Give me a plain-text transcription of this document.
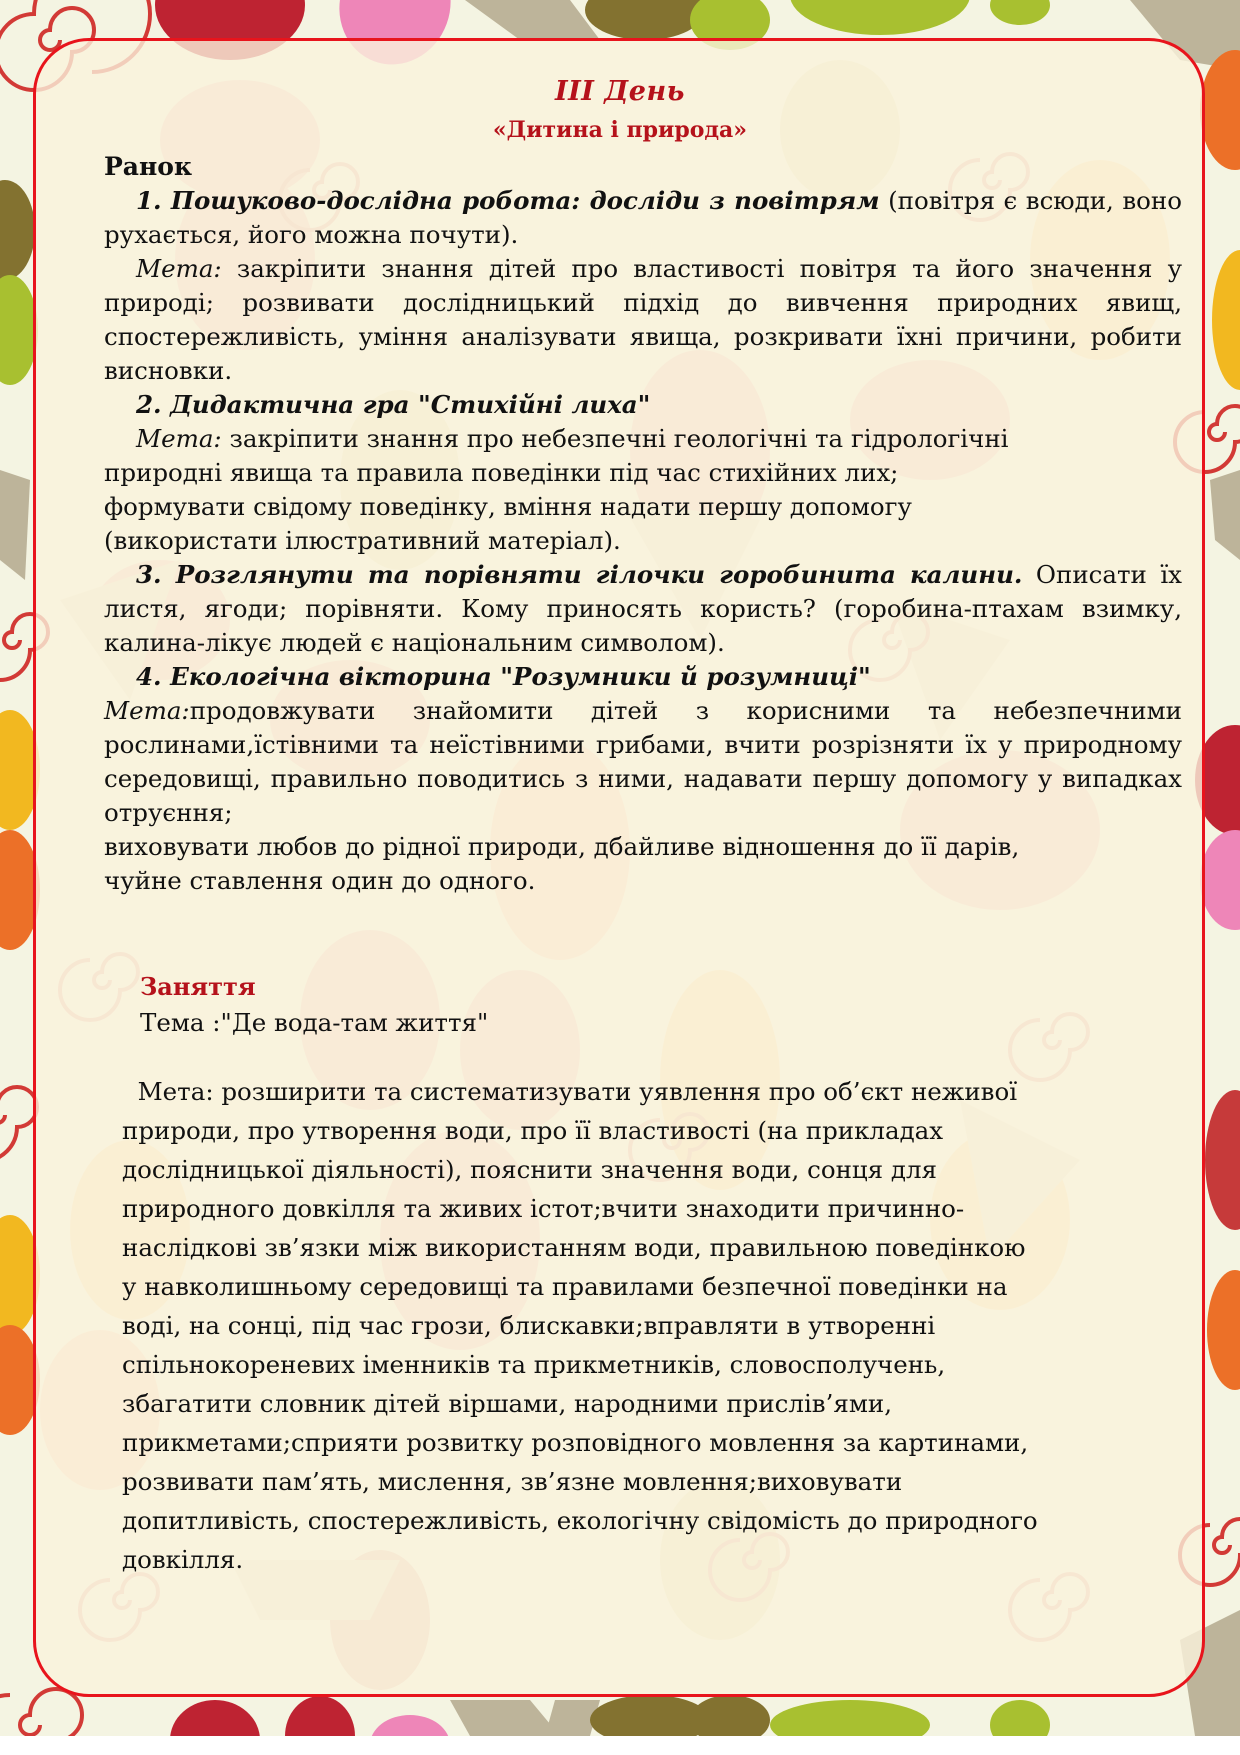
III День
«Дитина і природа»

Ранок

1. Пошуково-дослідна робота: досліди з повітрям (повітря є всюди, воно рухається, його можна почути).

Мета: закріпити знання дітей про властивості повітря та його значення у природі; розвивати дослідницький підхід до вивчення природних явищ, спостережливість, уміння аналізувати явища, розкривати їхні причини, робити висновки.

2. Дидактична гра "Стихійні лиха"

Мета: закріпити знання про небезпечні геологічні та гідрологічні
природні явища та правила поведінки під час стихійних лих;
формувати свідому поведінку, вміння надати першу допомогу
(використати ілюстративний матеріал).

3. Розглянути та порівняти гілочки горобинита калини. Описати їх листя, ягоди; порівняти. Кому приносять користь? (горобина-птахам взимку, калина-лікує людей є національним символом).

4. Екологічна вікторина "Розумники й розумниці"

Мета:продовжувати знайомити дітей з корисними та небезпечними рослинами,їстівними та неїстівними грибами, вчити розрізняти їх у природному середовищі, правильно поводитись з ними, надавати першу допомогу у випадках отруєння;

виховувати любов до рідної природи, дбайливе відношення до її дарів,
чуйне ставлення один до одного.

Заняття
Тема :"Де вода-там життя"
Мета: розширити та систематизувати уявлення про об’єкт неживої
природи, про утворення води, про її властивості (на прикладах
дослідницької діяльності), пояснити значення води, сонця для
природного довкілля та живих істот;вчити знаходити причинно-
наслідкові зв’язки між використанням води, правильною поведінкою
у навколишньому середовищі та правилами безпечної поведінки на
воді, на сонці, під час грози, блискавки;вправляти в утворенні
спільнокореневих іменників та прикметників, словосполучень,
збагатити словник дітей віршами, народними прислів’ями,
прикметами;сприяти розвитку розповідного мовлення за картинами,
розвивати пам’ять, мислення, зв’язне мовлення;виховувати
допитливість, спостережливість, екологічну свідомість до природного
довкілля.
